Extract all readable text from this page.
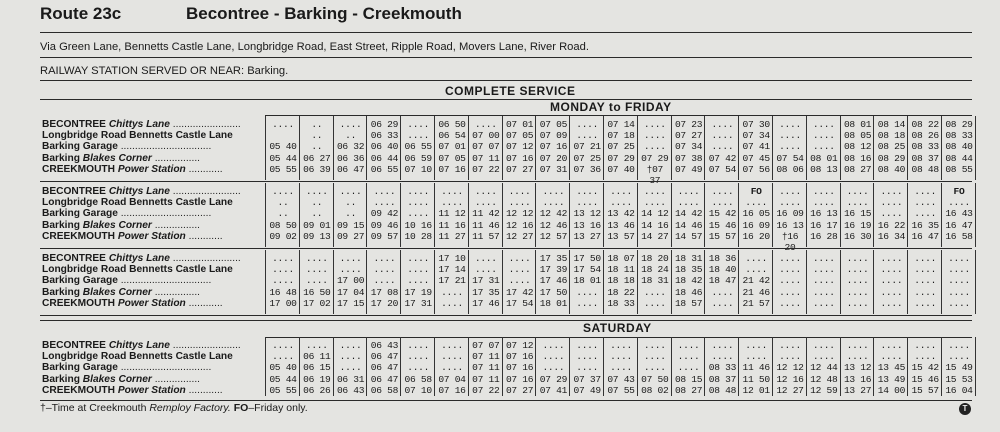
Route 23c	Becontree - Barking - Creekmouth
Via Green Lane, Bennetts Castle Lane, Longbridge Road, East Street, Ripple Road, Movers Lane, River Road.
RAILWAY STATION SERVED OR NEAR: Barking.
COMPLETE SERVICE
MONDAY to FRIDAY
SATURDAY
BECONTREE Chittys Lane ........................
Longbridge Road Bennetts Castle Lane
Barking Garage ................................
Barking Blakes Corner ................
CREEKMOUTH Power Station ............
....
05 40
05 44
05 55
..
..
..
06 27
06 39
....
..
06 32
06 36
06 47
06 29
06 33
06 40
06 44
06 55
....
....
06 55
06 59
07 10
06 50
06 54
07 01
07 05
07 16
....
07 00
07 07
07 11
07 22
07 01
07 05
07 12
07 16
07 27
07 05
07 09
07 16
07 20
07 31
....
....
07 21
07 25
07 36
07 14
07 18
07 25
07 29
07 40
....
....
....
07 29
†07 37
07 23
07 27
07 34
07 38
07 49
....
....
....
07 42
07 54
07 30
07 34
07 41
07 45
07 56
....
....
....
07 54
08 06
....
....
....
08 01
08 13
08 01
08 05
08 12
08 16
08 27
08 14
08 18
08 25
08 29
08 40
08 22
08 26
08 33
08 37
08 48
08 29
08 33
08 40
08 44
08 55
BECONTREE Chittys Lane ........................
Longbridge Road Bennetts Castle Lane
Barking Garage ................................
Barking Blakes Corner ................
CREEKMOUTH Power Station ............
....
..
..
08 50
09 02
....
..
..
09 01
09 13
....
..
..
09 15
09 27
....
....
09 42
09 46
09 57
....
....
....
10 16
10 28
....
....
11 12
11 16
11 27
....
....
11 42
11 46
11 57
....
....
12 12
12 16
12 27
....
....
12 42
12 46
12 57
....
....
13 12
13 16
13 27
....
....
13 42
13 46
13 57
....
....
14 12
14 16
14 27
....
....
14 42
14 46
14 57
....
....
15 42
15 46
15 57
FO
....
16 05
16 09
16 20
....
....
16 09
16 13
†16 20
....
....
16 13
16 17
16 28
....
....
16 15
16 19
16 30
....
....
....
16 22
16 34
....
....
....
16 35
16 47
FO
....
16 43
16 47
16 58
BECONTREE Chittys Lane ........................
Longbridge Road Bennetts Castle Lane
Barking Garage ................................
Barking Blakes Corner ................
CREEKMOUTH Power Station ............
....
....
....
16 48
17 00
....
....
....
16 50
17 02
....
....
17 00
17 04
17 15
....
....
....
17 08
17 20
....
....
....
17 19
17 31
17 10
17 14
17 21
....
....
....
....
17 31
17 35
17 46
....
....
....
17 42
17 54
17 35
17 39
17 46
17 50
18 01
17 50
17 54
18 01
....
....
18 07
18 11
18 18
18 22
18 33
18 20
18 24
18 31
....
....
18 31
18 35
18 42
18 46
18 57
18 36
18 40
18 47
....
....
....
....
21 42
21 46
21 57
....
....
....
....
....
....
....
....
....
....
....
....
....
....
....
....
....
....
....
....
....
....
....
....
....
....
....
....
....
....
BECONTREE Chittys Lane ........................
Longbridge Road Bennetts Castle Lane
Barking Garage ................................
Barking Blakes Corner ................
CREEKMOUTH Power Station ............
....
....
05 40
05 44
05 55
....
06 11
06 15
06 19
06 26
....
....
....
06 31
06 43
06 43
06 47
06 47
06 47
06 58
....
....
....
06 58
07 10
....
....
....
07 04
07 16
07 07
07 11
07 11
07 11
07 22
07 12
07 16
07 16
07 16
07 27
....
....
....
07 29
07 41
....
....
....
07 37
07 49
....
....
....
07 43
07 55
....
....
....
07 50
08 02
....
....
....
08 15
08 27
....
....
08 33
08 37
08 48
....
....
11 46
11 50
12 01
....
....
12 12
12 16
12 27
....
....
12 44
12 48
12 59
....
....
13 12
13 16
13 27
....
....
13 45
13 49
14 00
....
....
15 42
15 46
15 57
....
....
15 49
15 53
16 04
†–Time at Creekmouth Remploy Factory. FO–Friday only.	T
